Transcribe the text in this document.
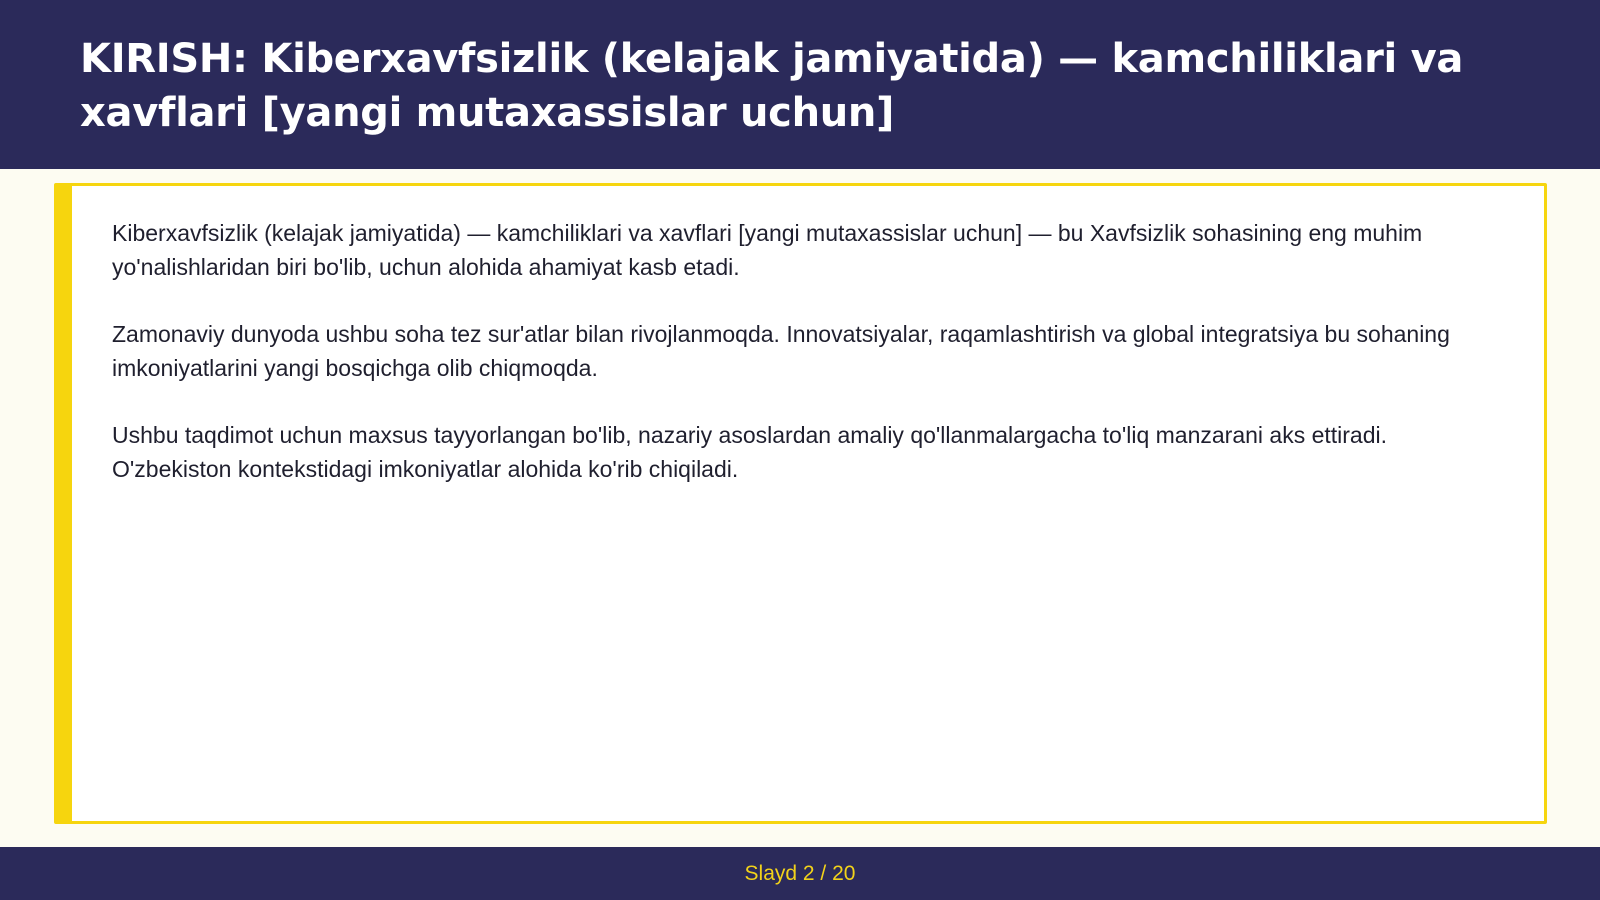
KIRISH: Kiberxavfsizlik (kelajak jamiyatida) — kamchiliklari va xavflari [yangi mutaxassislar uchun]

Kiberxavfsizlik (kelajak jamiyatida) — kamchiliklari va xavflari [yangi mutaxassislar uchun] — bu Xavfsizlik sohasining eng muhim yo'nalishlaridan biri bo'lib, uchun alohida ahamiyat kasb etadi.

Zamonaviy dunyoda ushbu soha tez sur'atlar bilan rivojlanmoqda. Innovatsiyalar, raqamlashtirish va global integratsiya bu sohaning imkoniyatlarini yangi bosqichga olib chiqmoqda.

Ushbu taqdimot uchun maxsus tayyorlangan bo'lib, nazariy asoslardan amaliy qo'llanmalargacha to'liq manzarani aks ettiradi. O'zbekiston kontekstidagi imkoniyatlar alohida ko'rib chiqiladi.

Slayd 2 / 20
